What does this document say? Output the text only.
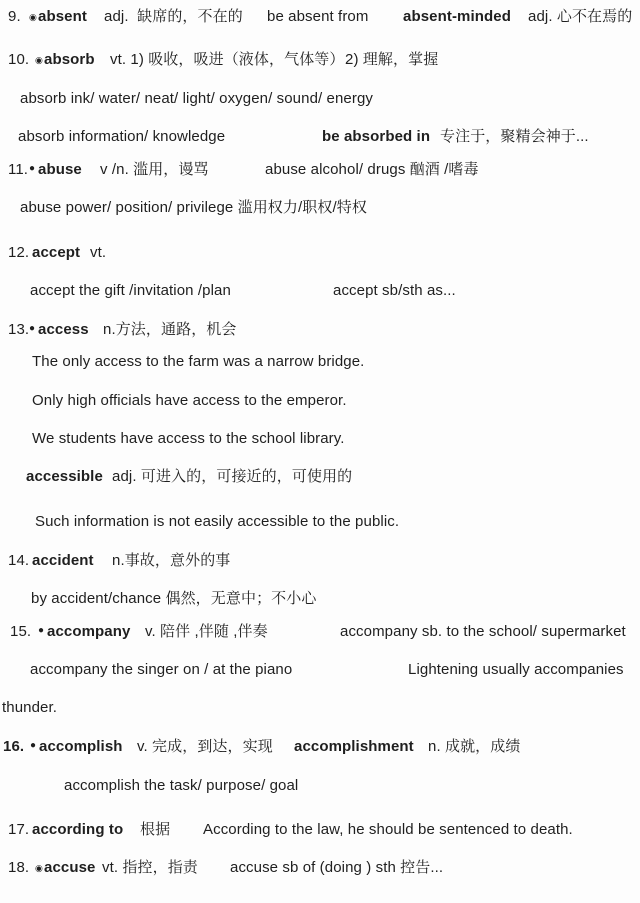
9. ◉ absent adj.  缺席的，不在的 be absent from absent-minded adj. 心不在焉的
10. ◉ absorb vt. 1) 吸收，吸进（液体，气体等） 2) 理解，掌握
absorb ink/ water/ neat/ light/ oxygen/ sound/ energy
absorb information/ knowledge	be absorbed in 专注于，聚精会神于...
11. ● abuse v /n. 滥用，谩骂	abuse alcohol/ drugs 酗酒 /嗜毒
abuse power/ position/ privilege 滥用权力/职权/特权
12. accept vt.
accept the gift /invitation /plan	accept sb/sth as...
13. ● access n.方法，通路，机会
The only access to the farm was a narrow bridge.
Only high officials have access to the emperor.
We students have access to the school library.
accessible adj. 可进入的，可接近的，可使用的
Such information is not easily accessible to the public.
14. accident n.事故，意外的事
by accident/chance 偶然，无意中；不小心
15. ● accompany v. 陪伴 ,伴随 ,伴奏	accompany sb. to the school/ supermarket
accompany the singer on / at the piano	Lightening usually accompanies
thunder.
16. ● accomplish v. 完成，到达，实现 accomplishment n. 成就，成绩
accomplish the task/ purpose/ goal
17. according to 根据 According to the law, he should be sentenced to death.
18. ◉ accuse vt. 指控，指责 accuse sb of (doing ) sth 控告...
